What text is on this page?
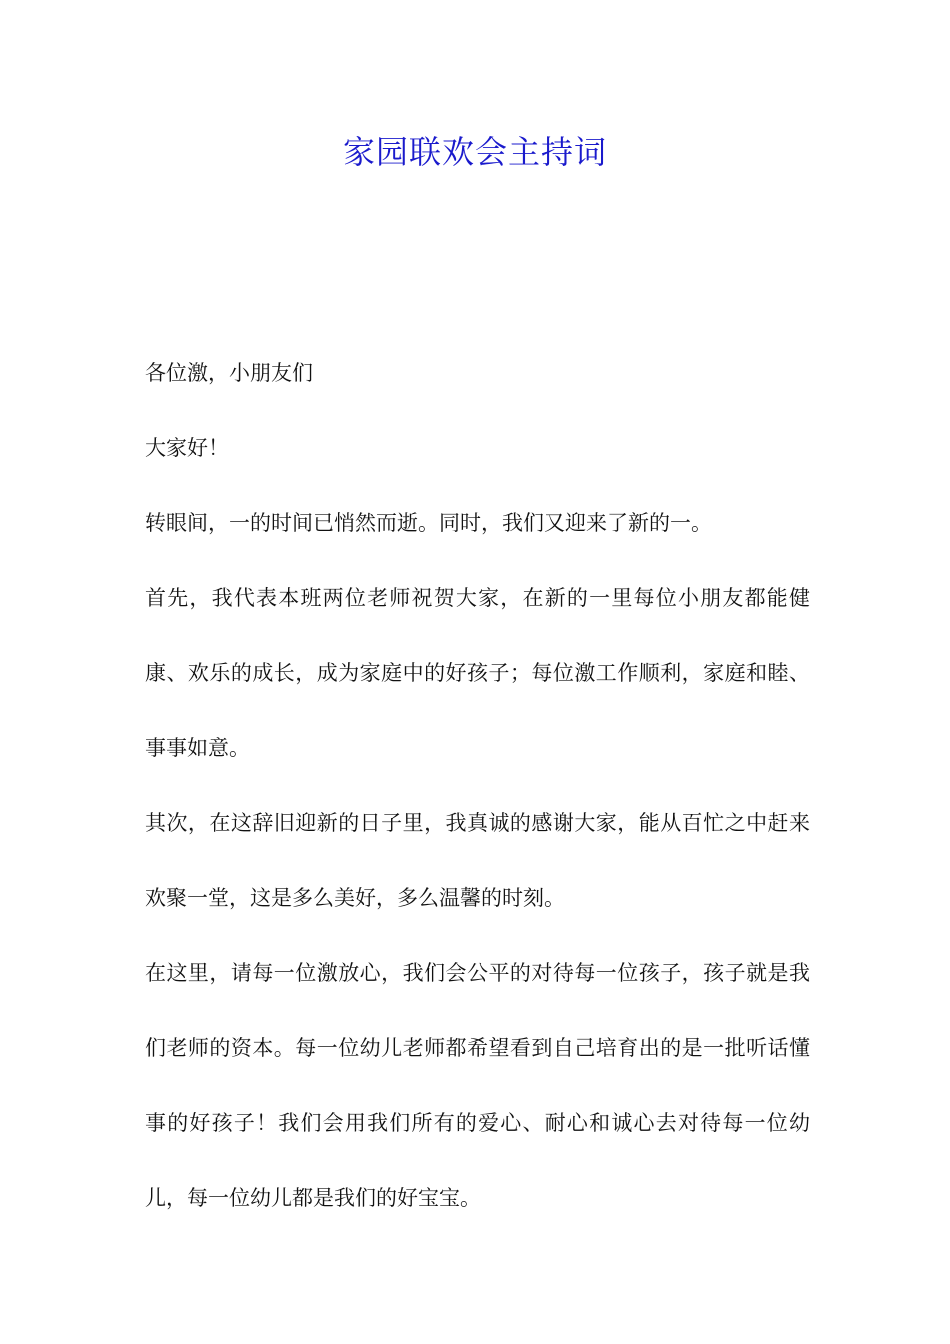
家园联欢会主持词

各位激，小朋友们

大家好！

转眼间，一的时间已悄然而逝。同时，我们又迎来了新的一。

首先，我代表本班两位老师祝贺大家，在新的一里每位小朋友都能健康、欢乐的成长，成为家庭中的好孩子；每位激工作顺利，家庭和睦、事事如意。

其次，在这辞旧迎新的日子里，我真诚的感谢大家，能从百忙之中赶来欢聚一堂，这是多么美好，多么温馨的时刻。

在这里，请每一位激放心，我们会公平的对待每一位孩子，孩子就是我们老师的资本。每一位幼儿老师都希望看到自己培育出的是一批听话懂事的好孩子！我们会用我们所有的爱心、耐心和诚心去对待每一位幼儿，每一位幼儿都是我们的好宝宝。
